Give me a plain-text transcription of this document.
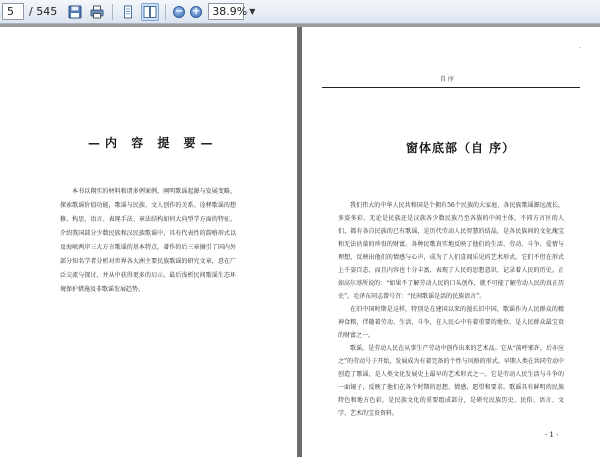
5	/ 545	− +	38.9% ▼
—内 容 提 要—

本书以翔实的材料和诸多例案例，阐明歌谣起源与发展变略，探索歌谣价值功能，歌谣与民族、文人创作的关系。诠释歌谣的想修、构思、语言、表现手法、章法结构如何大向型学方面的特征。介绍我国部分少数民族和汉民族歌谣中，具有代表性的韵格形式以及海峡两岸三大方言歌谣的基本特点。著作的后三章摘引了国内外部分知名学者分析对世界各大洲主要民族歌谣的研究文章，意在广泛交流与探讨，并从中获得更多的启示。最后浅析民间歌谣生态环境保护措施及非歌谣发展趋势。

·
自 序
窗体底部（自 序）

我们伟大的中华人民共和国是个拥有56个民族的大家庭，各民族歌谣源远流长，多姿多彩，无论是民族还是汉族各少数民族乃至各族的中间主体，不同方言区的人们，都有各自民族的已有歌谣，是历代劳动人民智慧的结晶，是各民族间的文化瑰宝和无法估量的珍贵的财富。各种民歌真实地反映了他们的生活、劳动、斗争、爱情与理想，反映出他们的情感与心声，成为了人们喜闻乐见的艺术形式。它们不但在形式上千姿百态，而且内容也十分丰富，表现了人民的思想意识，记录着人民的历史。正如高尔基所说的：“如果不了解劳动人民的口头创作，就不可能了解劳动人民的真正历史”。毛泽东同志曾号召：“民间歌谣是活的民族语言”。

在旧中国时期是这样，特别是在建国以来的漫长旧中国，歌谣作为人民群众的精神食粮，伴随着劳动、生活、斗争，在人民心中有着重要的地位，是人民群众最宝贵的财富之一。

歌谣，是劳动人民在从事生产劳动中创作出来的艺术品。它从“前呼邪许，后亦应之”的劳动号子开始，发展成为有着完备的个性与风格的形式。早期人类在共同劳动中创造了歌谣，是人类文化发展史上最早的艺术形式之一。它是劳动人民生活与斗争的一面镜子，反映了他们在各个时期的思想、情感、愿望和要求。歌谣具有鲜明的民族特色和地方色彩，是民族文化的重要组成部分，是研究民族历史、民俗、语言、文学、艺术的宝贵资料。

· 1 ·
